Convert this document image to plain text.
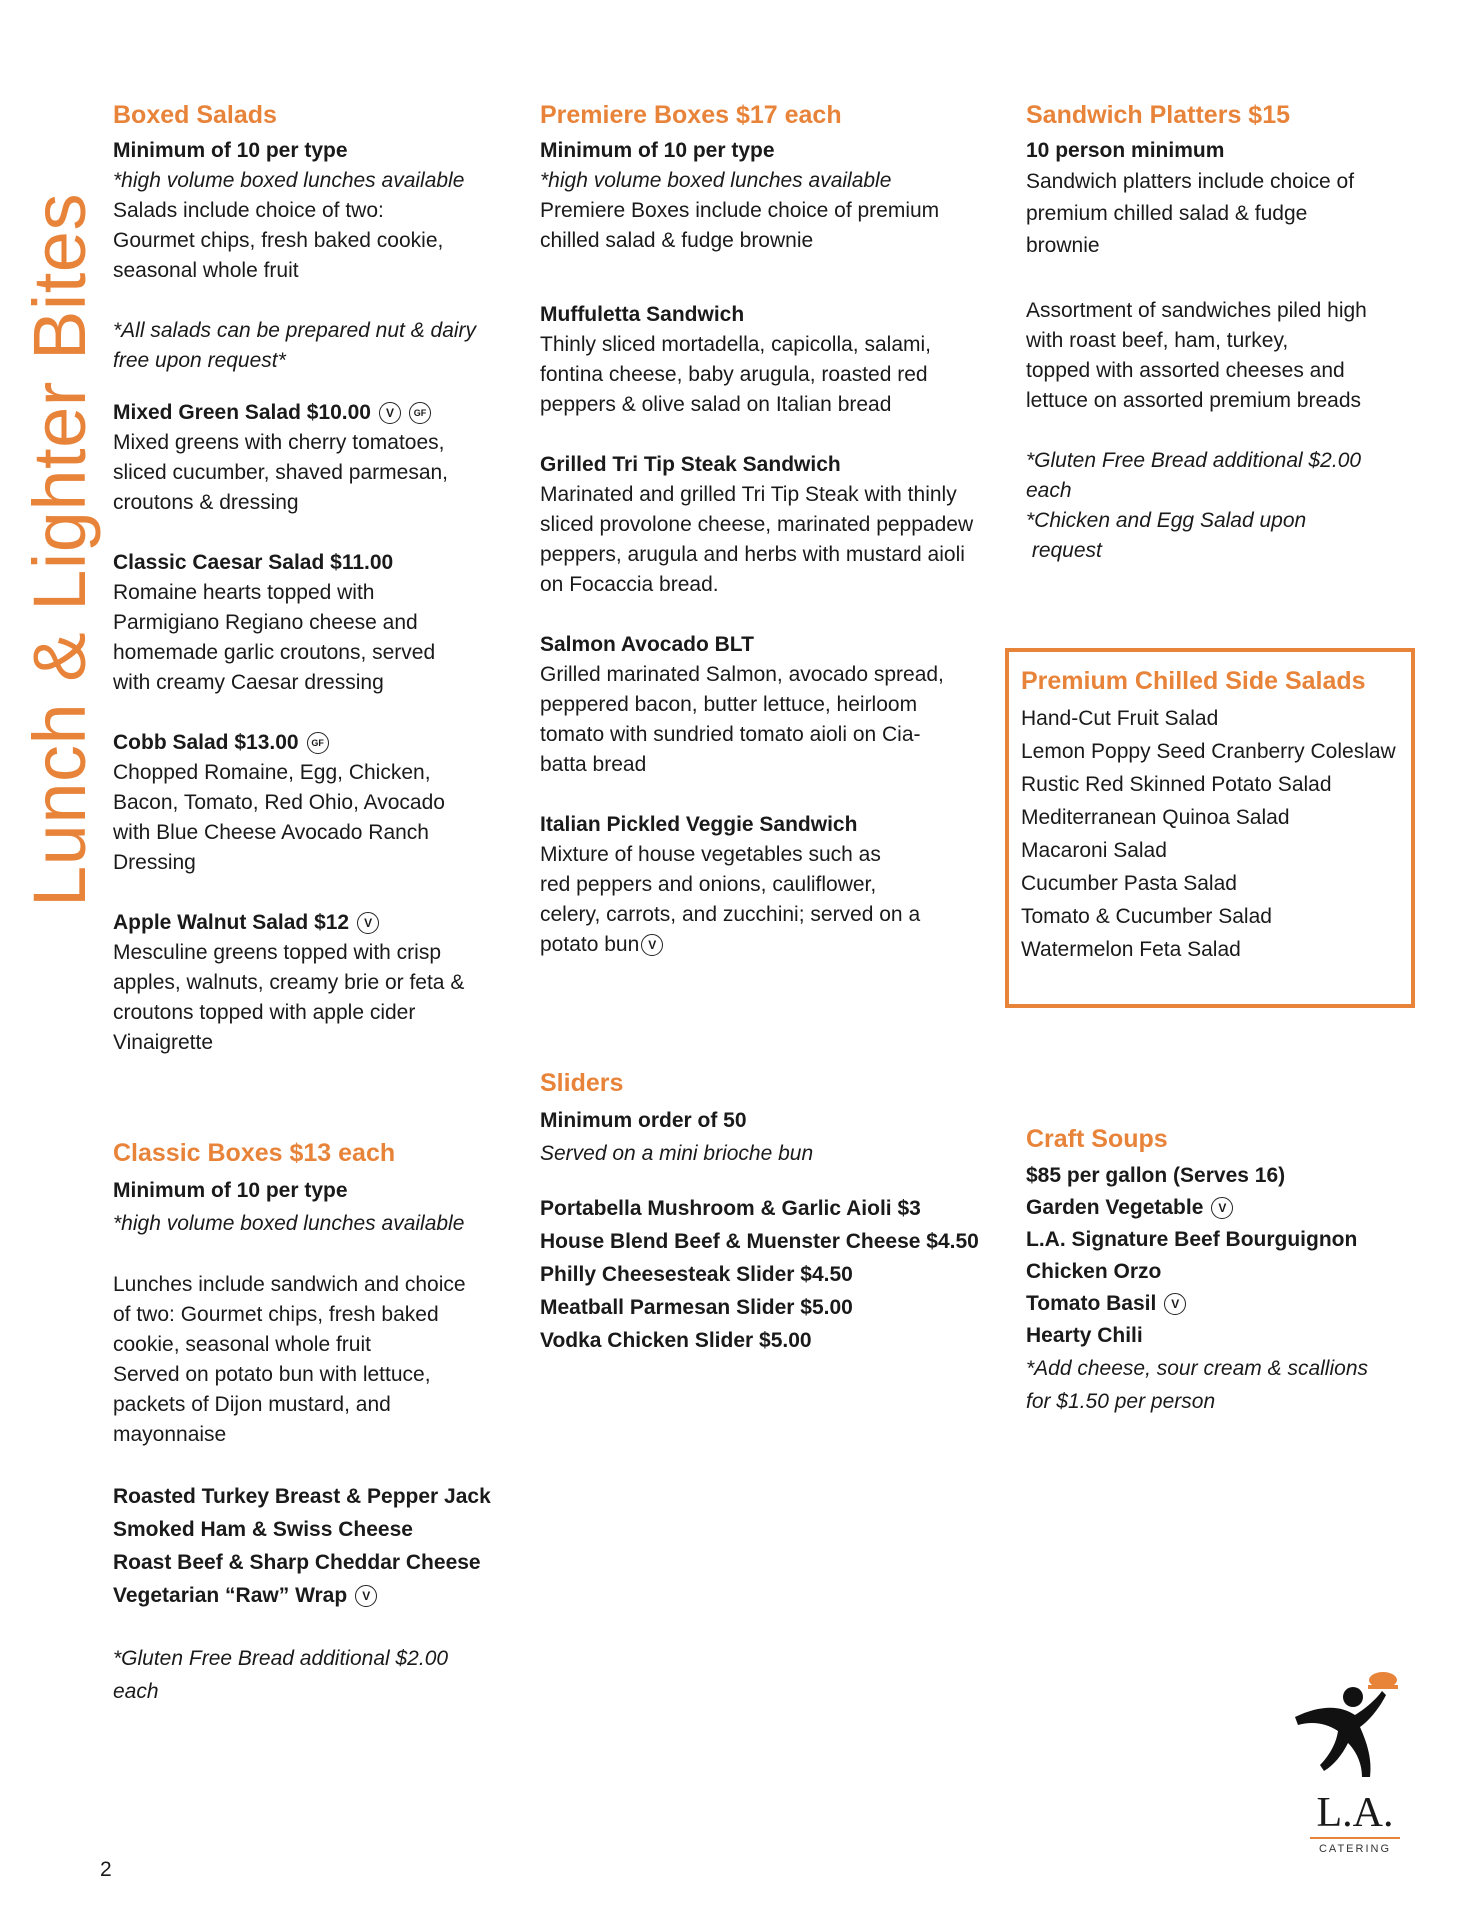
Lunch & Lighter Bites
Boxed Salads

Minimum of 10 per type

*high volume boxed lunches available

Salads include choice of two:

Gourmet chips, fresh baked cookie,

seasonal whole fruit

*All salads can be prepared nut & dairy

free upon request*

Mixed Green Salad $10.00 V GF

Mixed greens with cherry tomatoes,

sliced cucumber, shaved parmesan,

croutons & dressing

Classic Caesar Salad $11.00

Romaine hearts topped with

Parmigiano Regiano cheese and

homemade garlic croutons, served

with creamy Caesar dressing

Cobb Salad $13.00 GF

Chopped Romaine, Egg, Chicken,

Bacon, Tomato, Red Ohio, Avocado

with Blue Cheese Avocado Ranch

Dressing

Apple Walnut Salad $12 V

Mesculine greens topped with crisp

apples, walnuts, creamy brie or feta &

croutons topped with apple cider

Vinaigrette

Classic Boxes $13 each

Minimum of 10 per type

*high volume boxed lunches available

Lunches include sandwich and choice

of two: Gourmet chips, fresh baked

cookie, seasonal whole fruit

Served on potato bun with lettuce,

packets of Dijon mustard, and

mayonnaise

Roasted Turkey Breast & Pepper Jack

Smoked Ham & Swiss Cheese

Roast Beef & Sharp Cheddar Cheese

Vegetarian “Raw” Wrap V

*Gluten Free Bread additional $2.00

each

Premiere Boxes $17 each

Minimum of 10 per type

*high volume boxed lunches available

Premiere Boxes include choice of premium

chilled salad & fudge brownie

Muffuletta Sandwich

Thinly sliced mortadella, capicolla, salami,

fontina cheese, baby arugula, roasted red

peppers & olive salad on Italian bread

Grilled Tri Tip Steak Sandwich

Marinated and grilled Tri Tip Steak with thinly

sliced provolone cheese, marinated peppadew

peppers, arugula and herbs with mustard aioli

on Focaccia bread.

Salmon Avocado BLT

Grilled marinated Salmon, avocado spread,

peppered bacon, butter lettuce, heirloom

tomato with sundried tomato aioli on Cia-

batta bread

Italian Pickled Veggie Sandwich

Mixture of house vegetables such as

red peppers and onions, cauliflower,

celery, carrots, and zucchini; served on a

potato bun V

Sliders

Minimum order of 50

Served on a mini brioche bun

Portabella Mushroom & Garlic Aioli $3

House Blend Beef & Muenster Cheese $4.50

Philly Cheesesteak Slider $4.50

Meatball Parmesan Slider $5.00

Vodka Chicken Slider $5.00

Sandwich Platters $15

10 person minimum

Sandwich platters include choice of

premium chilled salad & fudge

brownie

Assortment of sandwiches piled high

with roast beef, ham, turkey,

topped with assorted cheeses and

lettuce on assorted premium breads

*Gluten Free Bread additional $2.00

each

*Chicken and Egg Salad upon

request

Premium Chilled Side Salads

Hand-Cut Fruit Salad

Lemon Poppy Seed Cranberry Coleslaw

Rustic Red Skinned Potato Salad

Mediterranean Quinoa Salad

Macaroni Salad

Cucumber Pasta Salad

Tomato & Cucumber Salad

Watermelon Feta Salad

Craft Soups

$85 per gallon (Serves 16)

Garden Vegetable V

L.A. Signature Beef Bourguignon

Chicken Orzo

Tomato Basil V

Hearty Chili

*Add cheese, sour cream & scallions

for $1.50 per person

L.A.
CATERING
2
